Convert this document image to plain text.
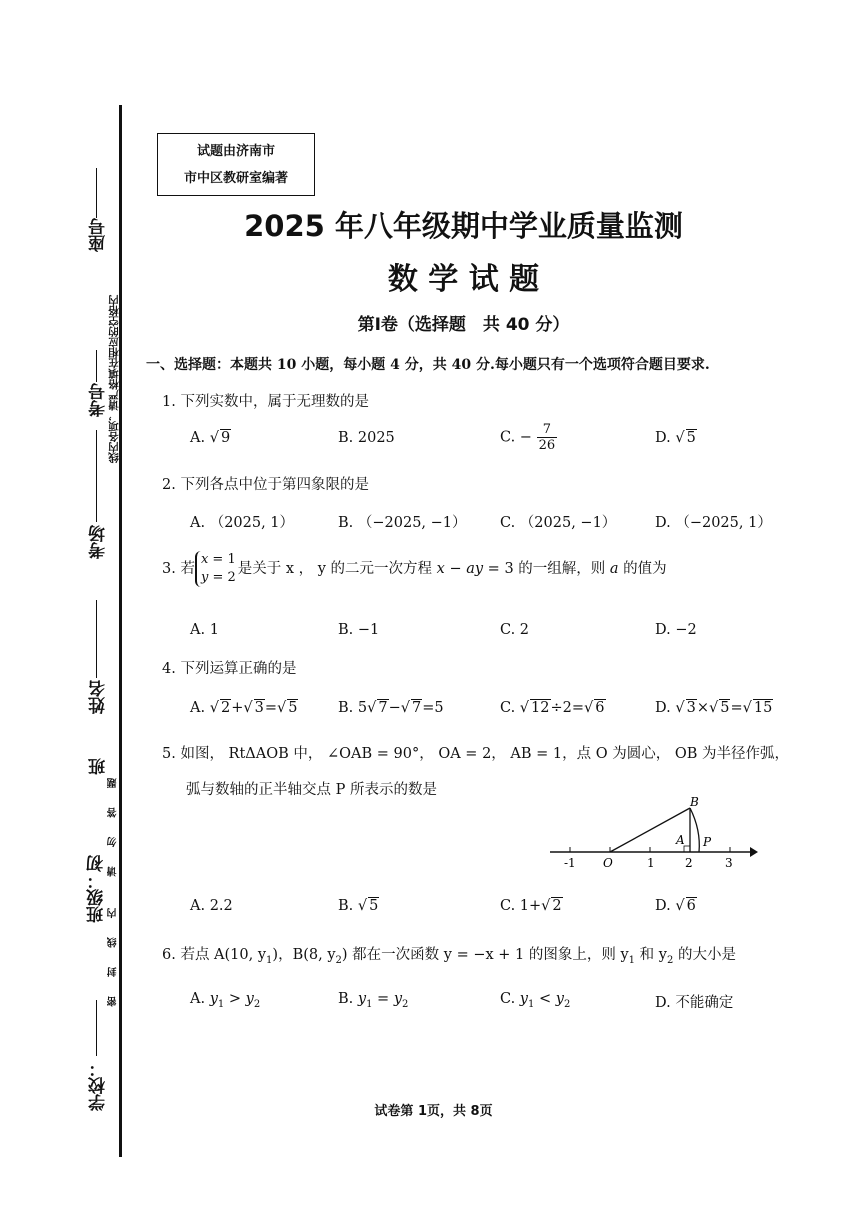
座号
线内各项，请严格填在相应的空格内
考号
考场
姓名
班
请 勿 答 题
班级：初
密 封 线 内
学校：
试题由济南市
市中区教研室编著
2025 年八年级期中学业质量监测
数 学 试 题
第Ⅰ卷（选择题　共 40 分）
一、选择题：本题共 10 小题，每小题 4 分，共 40 分.每小题只有一个选项符合题目要求.
1. 下列实数中，属于无理数的是
A. √ 9	B. 2025	C. − $\frac{7}{26}$	D. √ 5
2. 下列各点中位于第四象限的是
A. （2025, 1）	B. （−2025, −1） C. （2025, −1）	D. （−2025, 1）
3. 若x = 1
y = 2是关于 x ， y 的二元一次方程 x − ay = 3 的一组解，则 a 的值为
A. 1	B. −1	C. 2	D. −2
4. 下列运算正确的是
A. √ 2+√ 3=√ 5	B. 5√ 7−√ 7=5	C. √ 12÷2=√ 6	D. √ 3×√ 5=√ 15
5. 如图， RtΔAOB 中， ∠OAB = 90°， OA = 2， AB = 1，点 O 为圆心， OB 为半径作弧，
弧与数轴的正半轴交点 P 所表示的数是
-1 O	1	2	3
B
A P
A. 2.2	B. √ 5	C. 1+√ 2	D. √ 6
6. 若点 A(10, $y_1$)，B(8, $y_2$) 都在一次函数 y = −x + 1 的图象上，则 $y_1$ 和 $y_2$ 的大小是
A. $y_1 > y_2$	B. $y_1 = y_2$	C. $y_1 < y_2$	D. 不能确定
试卷第 1页，共 8页
